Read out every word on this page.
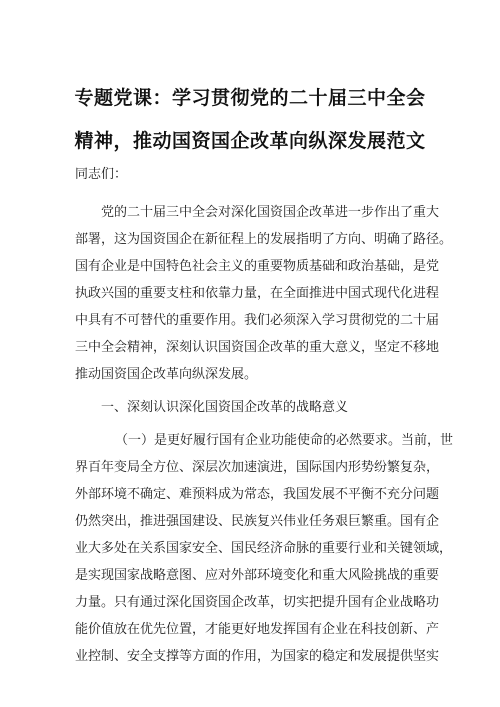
专题党课：学习贯彻党的二十届三中全会
精神，推动国资国企改革向纵深发展范文
同志们：
党的二十届三中全会对深化国资国企改革进一步作出了重大
部署，这为国资国企在新征程上的发展指明了方向、明确了路径。
国有企业是中国特色社会主义的重要物质基础和政治基础，是党
执政兴国的重要支柱和依靠力量，在全面推进中国式现代化进程
中具有不可替代的重要作用。我们必须深入学习贯彻党的二十届
三中全会精神，深刻认识国资国企改革的重大意义，坚定不移地
推动国资国企改革向纵深发展。
一、深刻认识深化国资国企改革的战略意义
（一）是更好履行国有企业功能使命的必然要求。当前，世
界百年变局全方位、深层次加速演进，国际国内形势纷繁复杂，
外部环境不确定、难预料成为常态，我国发展不平衡不充分问题
仍然突出，推进强国建设、民族复兴伟业任务艰巨繁重。国有企
业大多处在关系国家安全、国民经济命脉的重要行业和关键领域，
是实现国家战略意图、应对外部环境变化和重大风险挑战的重要
力量。只有通过深化国资国企改革，切实把提升国有企业战略功
能价值放在优先位置，才能更好地发挥国有企业在科技创新、产
业控制、安全支撑等方面的作用，为国家的稳定和发展提供坚实
